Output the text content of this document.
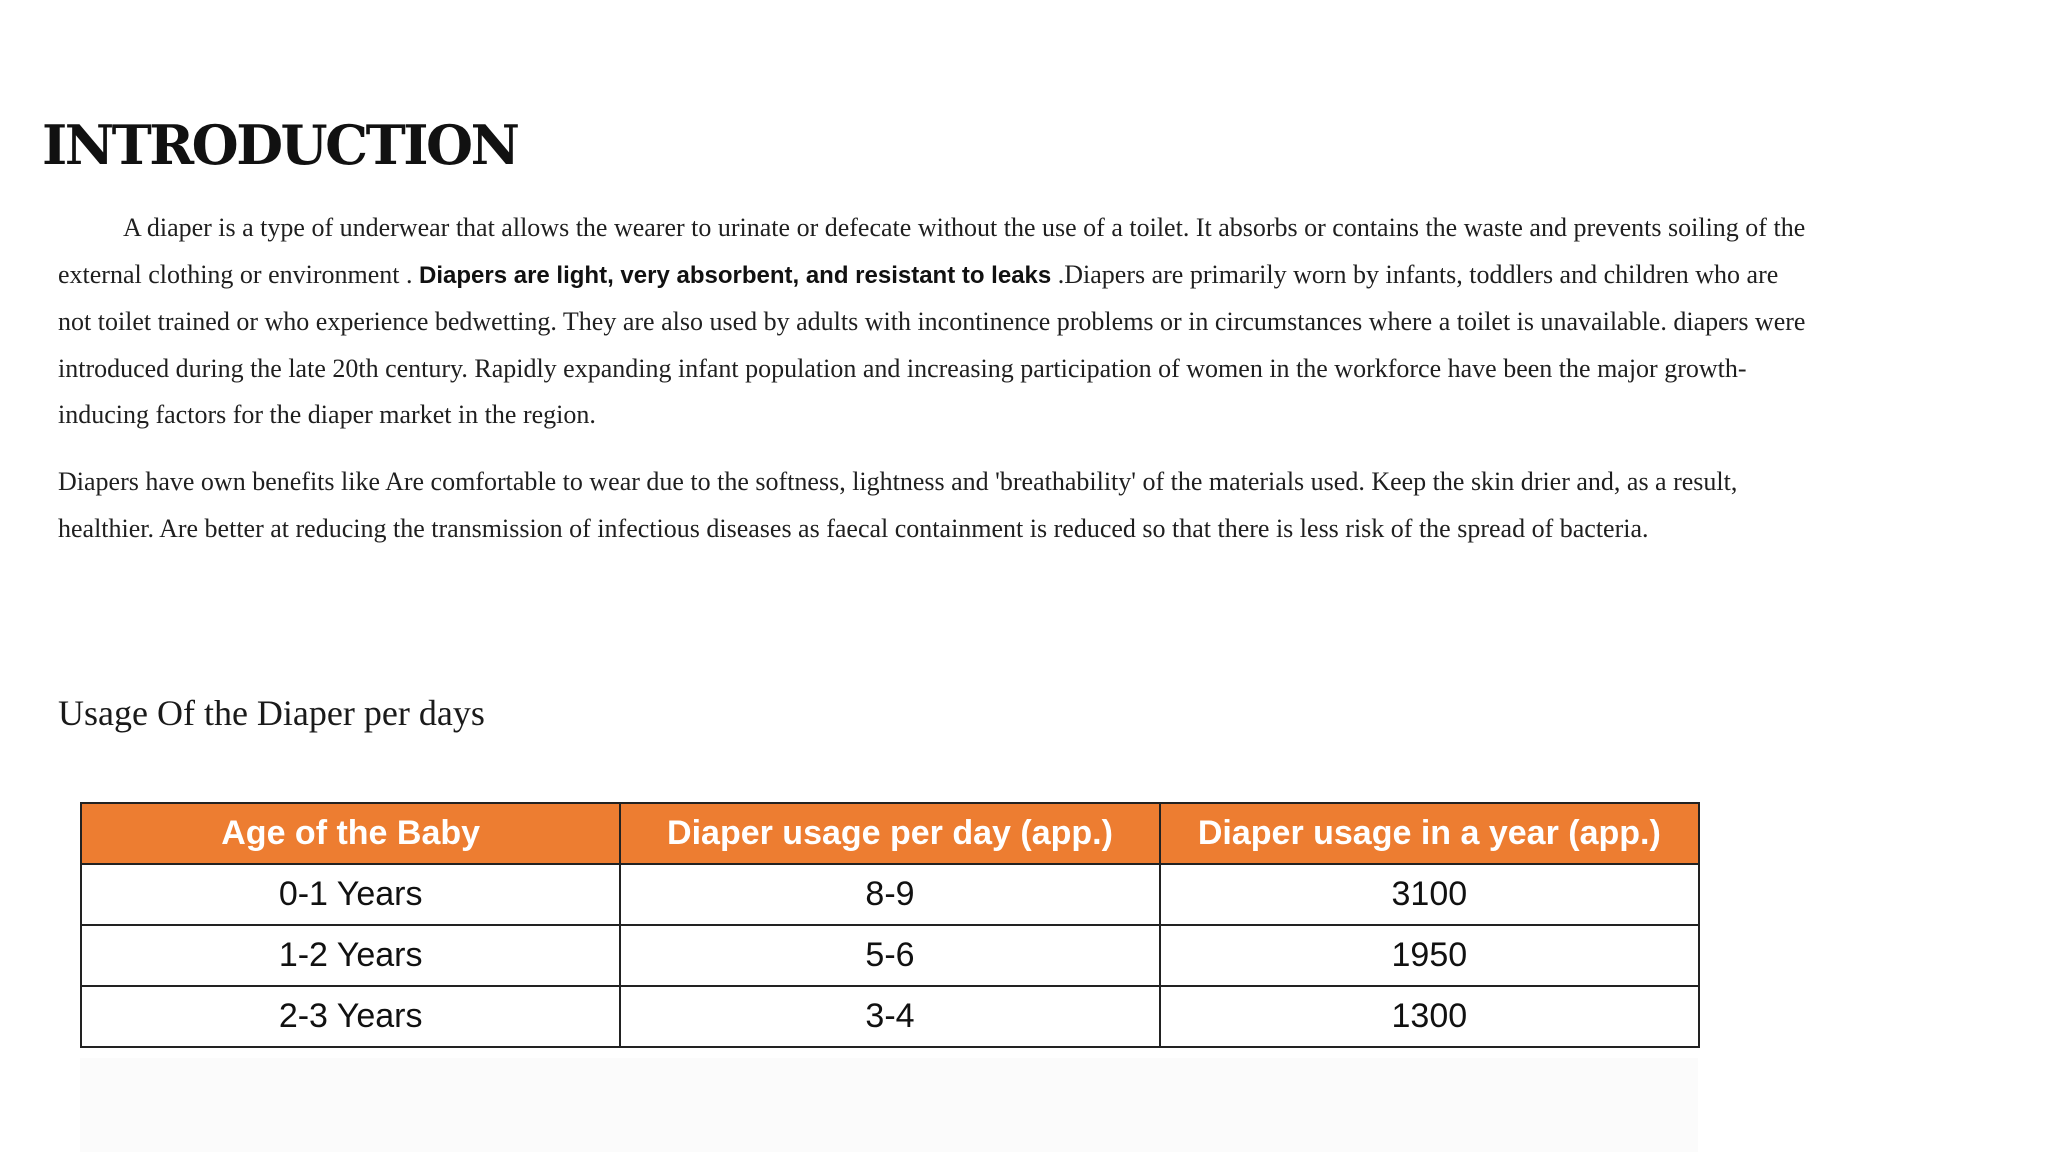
INTRODUCTION

A diaper is a type of underwear that allows the wearer to urinate or defecate without the use of a toilet. It absorbs or contains the waste and prevents soiling of the external clothing or environment . Diapers are light, very absorbent, and resistant to leaks .Diapers are primarily worn by infants, toddlers and children who are not toilet trained or who experience bedwetting. They are also used by adults with incontinence problems or in circumstances where a toilet is unavailable. diapers were introduced during the late 20th century. Rapidly expanding infant population and increasing participation of women in the workforce have been the major growth-inducing factors for the diaper market in the region.

Diapers have own benefits like Are comfortable to wear due to the softness, lightness and 'breathability' of the materials used. Keep the skin drier and, as a result, healthier. Are better at reducing the transmission of infectious diseases as faecal containment is reduced so that there is less risk of the spread of bacteria.

Usage Of the Diaper per days
Age of the Baby	Diaper usage per day (app.)	Diaper usage in a year (app.)
0-1 Years	8-9	3100
1-2 Years	5-6	1950
2-3 Years	3-4	1300
